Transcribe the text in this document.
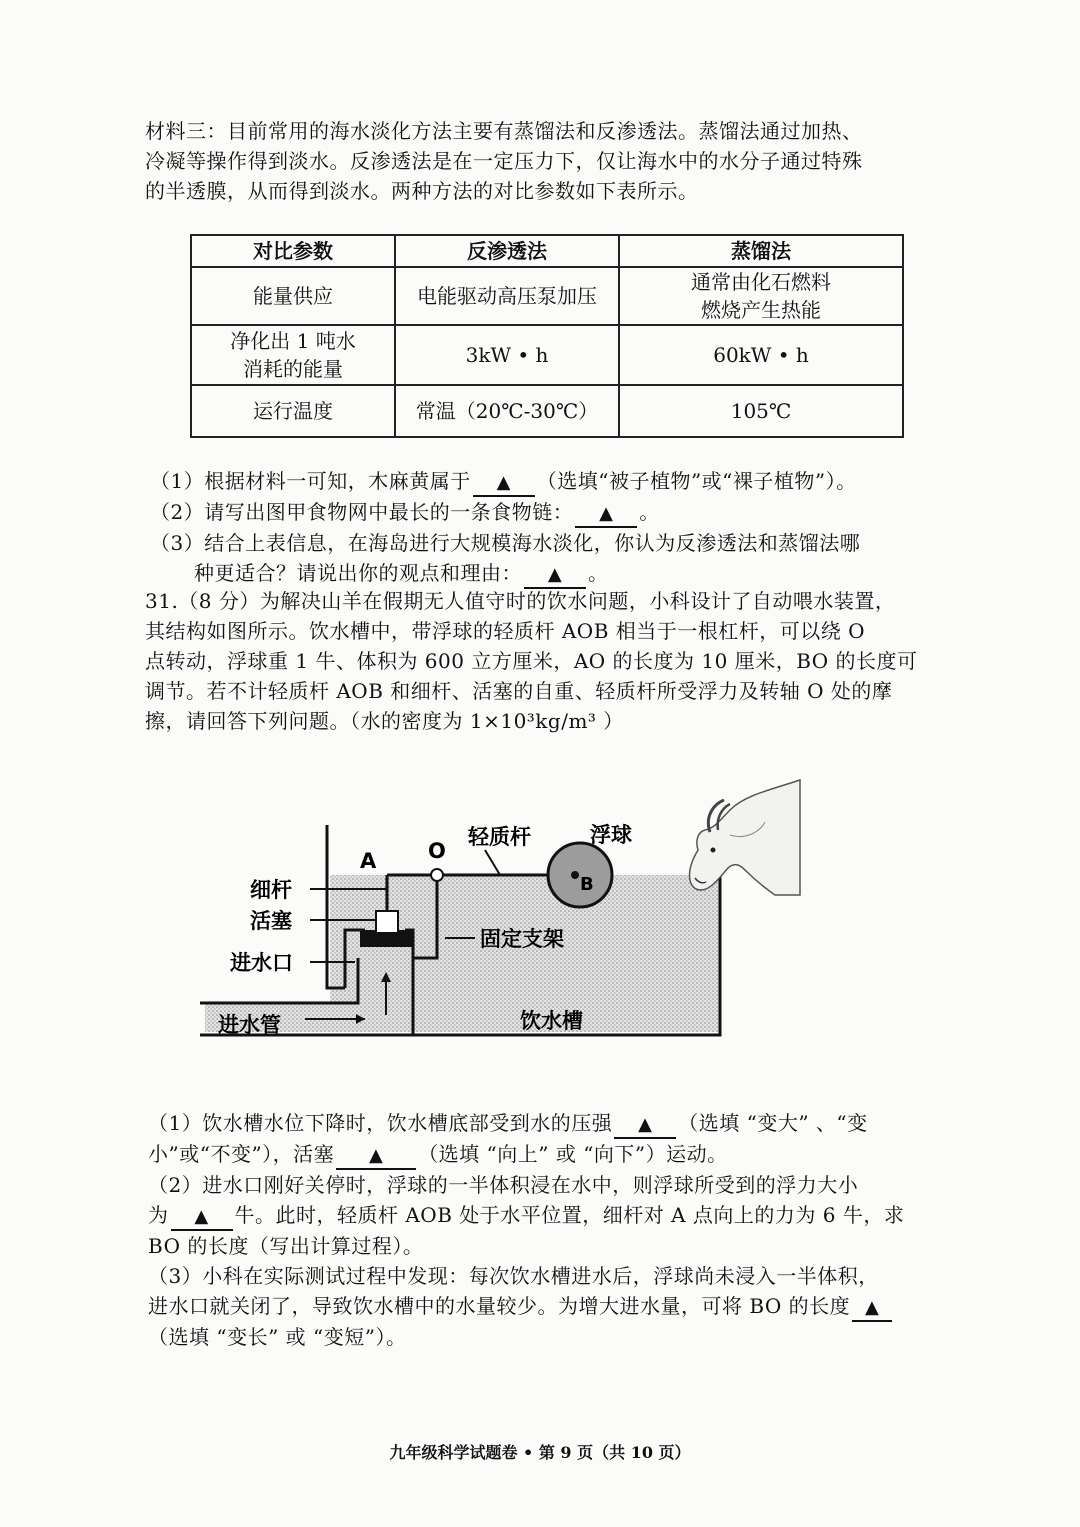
材料三：目前常用的海水淡化方法主要有蒸馏法和反渗透法。蒸馏法通过加热、
冷凝等操作得到淡水。反渗透法是在一定压力下，仅让海水中的水分子通过特殊
的半透膜，从而得到淡水。两种方法的对比参数如下表所示。
对比参数	反渗透法	蒸馏法
能量供应	电能驱动高压泵加压	通常由化石燃料
燃烧产生热能
净化出 1 吨水
消耗的能量	3kW • h	60kW • h
运行温度	常温（20℃-30℃）	105℃
（1）根据材料一可知，木麻黄属于 ▲ （选填“被子植物”或“裸子植物”）。
（2）请写出图甲食物网中最长的一条食物链： ▲ 。
（3）结合上表信息，在海岛进行大规模海水淡化，你认为反渗透法和蒸馏法哪
种更适合？请说出你的观点和理由： ▲ 。
31.（8 分）为解决山羊在假期无人值守时的饮水问题，小科设计了自动喂水装置，
其结构如图所示。饮水槽中，带浮球的轻质杆 AOB 相当于一根杠杆，可以绕 O
点转动，浮球重 1 牛、体积为 600 立方厘米，AO 的长度为 10 厘米，BO 的长度可
调节。若不计轻质杆 AOB 和细杆、活塞的自重、轻质杆所受浮力及转轴 O 处的摩
擦，请回答下列问题。（水的密度为 1×10³kg/m³ ）
细杆
活塞
进水口
进水管
A O
B
轻质杆	浮球
固定支架
饮水槽
（1）饮水槽水位下降时，饮水槽底部受到水的压强 ▲ （选填 “变大” 、“变
小”或“不变”），活塞 ▲ （选填 “向上” 或 “向下”）运动。
（2）进水口刚好关停时，浮球的一半体积浸在水中，则浮球所受到的浮力大小
为 ▲ 牛。此时，轻质杆 AOB 处于水平位置，细杆对 A 点向上的力为 6 牛，求
BO 的长度（写出计算过程）。
（3）小科在实际测试过程中发现：每次饮水槽进水后，浮球尚未浸入一半体积，
进水口就关闭了，导致饮水槽中的水量较少。为增大进水量，可将 BO 的长度 ▲
（选填 “变长” 或 “变短”）。
九年级科学试题卷 • 第 9 页（共 10 页）
